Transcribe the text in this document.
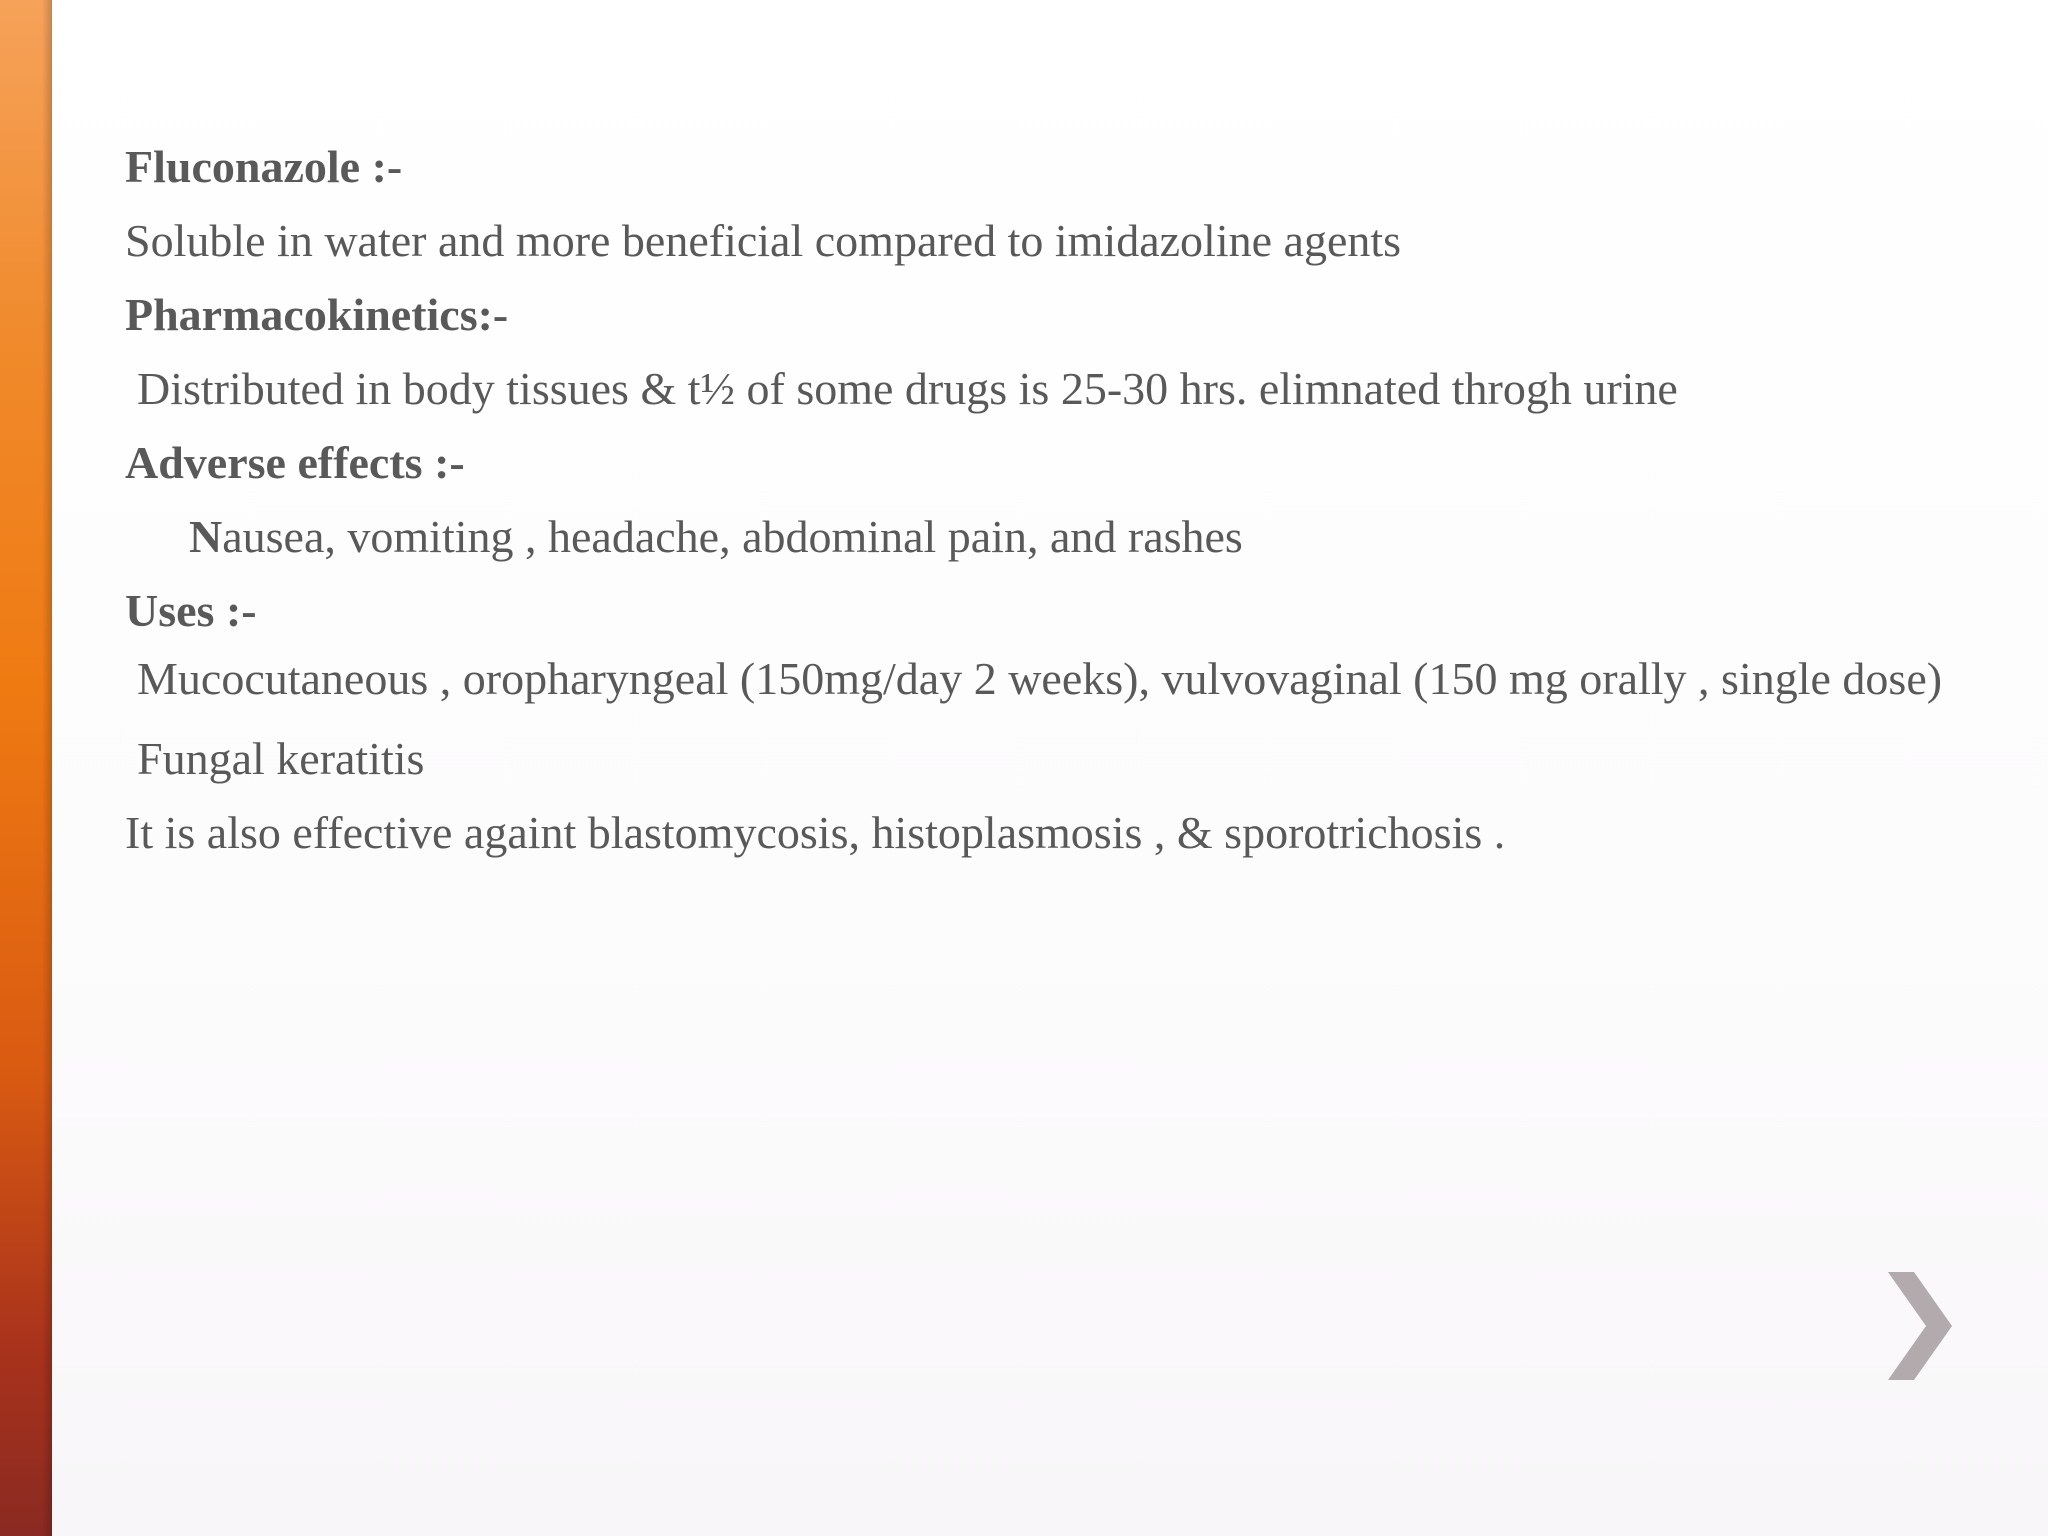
Fluconazole :-
Soluble in water and more beneficial compared to imidazoline agents
Pharmacokinetics:-
Distributed in body tissues & t½ of some drugs is 25-30 hrs. elimnated throgh urine
Adverse effects :-
Nausea, vomiting , headache, abdominal pain, and rashes
Uses :-
Mucocutaneous , oropharyngeal (150mg/day 2 weeks), vulvovaginal (150 mg orally , single dose)
Fungal keratitis
It is also effective againt blastomycosis, histoplasmosis , & sporotrichosis .
